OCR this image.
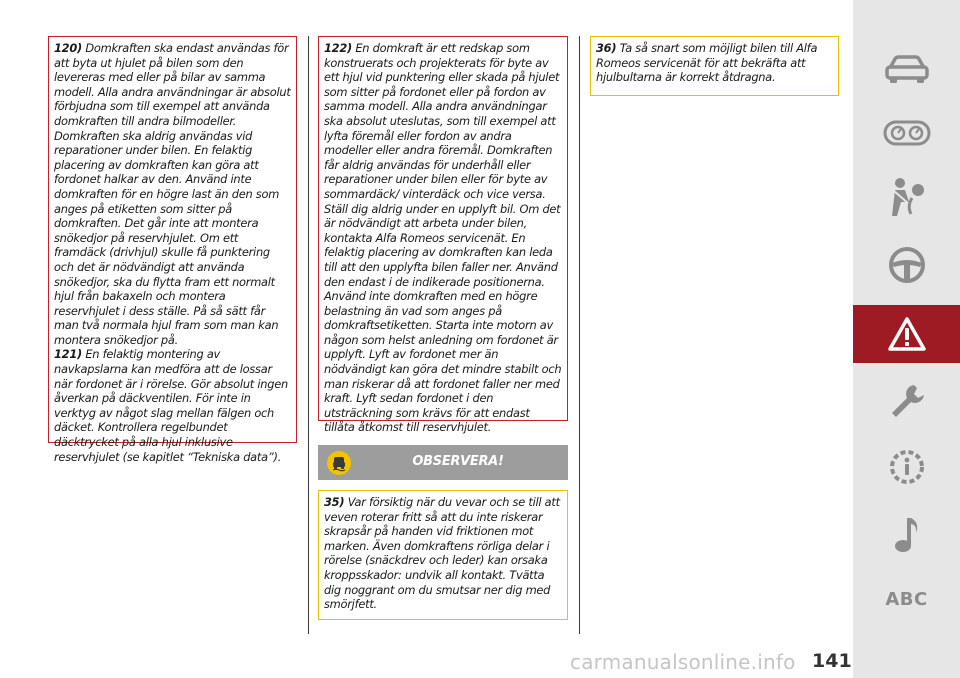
120) Domkraften ska endast användas för att byta ut hjulet på bilen som den levereras med eller på bilar av samma modell. Alla andra användningar är absolut förbjudna som till exempel att använda domkraften till andra bilmodeller. Domkraften ska aldrig användas vid reparationer under bilen. En felaktig placering av domkraften kan göra att fordonet halkar av den. Använd inte domkraften för en högre last än den som anges på etiketten som sitter på domkraften. Det går inte att montera snökedjor på reservhjulet. Om ett framdäck (drivhjul) skulle få punktering och det är nödvändigt att använda snökedjor, ska du flytta fram ett normalt hjul från bakaxeln och montera reservhjulet i dess ställe. På så sätt får man två normala hjul fram som man kan montera snökedjor på.

121) En felaktig montering av navkapslarna kan medföra att de lossar när fordonet är i rörelse. Gör absolut ingen åverkan på däckventilen. För inte in verktyg av något slag mellan fälgen och däcket. Kontrollera regelbundet däcktrycket på alla hjul inklusive reservhjulet (se kapitlet “Tekniska data”).

122) En domkraft är ett redskap som konstruerats och projekterats för byte av ett hjul vid punktering eller skada på hjulet som sitter på fordonet eller på fordon av samma modell. Alla andra användningar ska absolut uteslutas, som till exempel att lyfta föremål eller fordon av andra modeller eller andra föremål. Domkraften får aldrig användas för underhåll eller reparationer under bilen eller för byte av sommardäck/ vinterdäck och vice versa. Ställ dig aldrig under en upplyft bil. Om det är nödvändigt att arbeta under bilen, kontakta Alfa Romeos servicenät. En felaktig placering av domkraften kan leda till att den upplyfta bilen faller ner. Använd den endast i de indikerade positionerna. Använd inte domkraften med en högre belastning än vad som anges på domkraftsetiketten. Starta inte motorn av någon som helst anledning om fordonet är upplyft. Lyft av fordonet mer än nödvändigt kan göra det mindre stabilt och man riskerar då att fordonet faller ner med kraft. Lyft sedan fordonet i den utsträckning som krävs för att endast tillåta åtkomst till reservhjulet.

OBSERVERA!

35) Var försiktig när du vevar och se till att veven roterar fritt så att du inte riskerar skrapsår på handen vid friktionen mot marken. Även domkraftens rörliga delar i rörelse (snäckdrev och leder) kan orsaka kroppsskador: undvik all kontakt. Tvätta dig noggrant om du smutsar ner dig med smörjfett.

36) Ta så snart som möjligt bilen till Alfa Romeos servicenät för att bekräfta att hjulbultarna är korrekt åtdragna.

ABC
141
carmanualsonline.info
